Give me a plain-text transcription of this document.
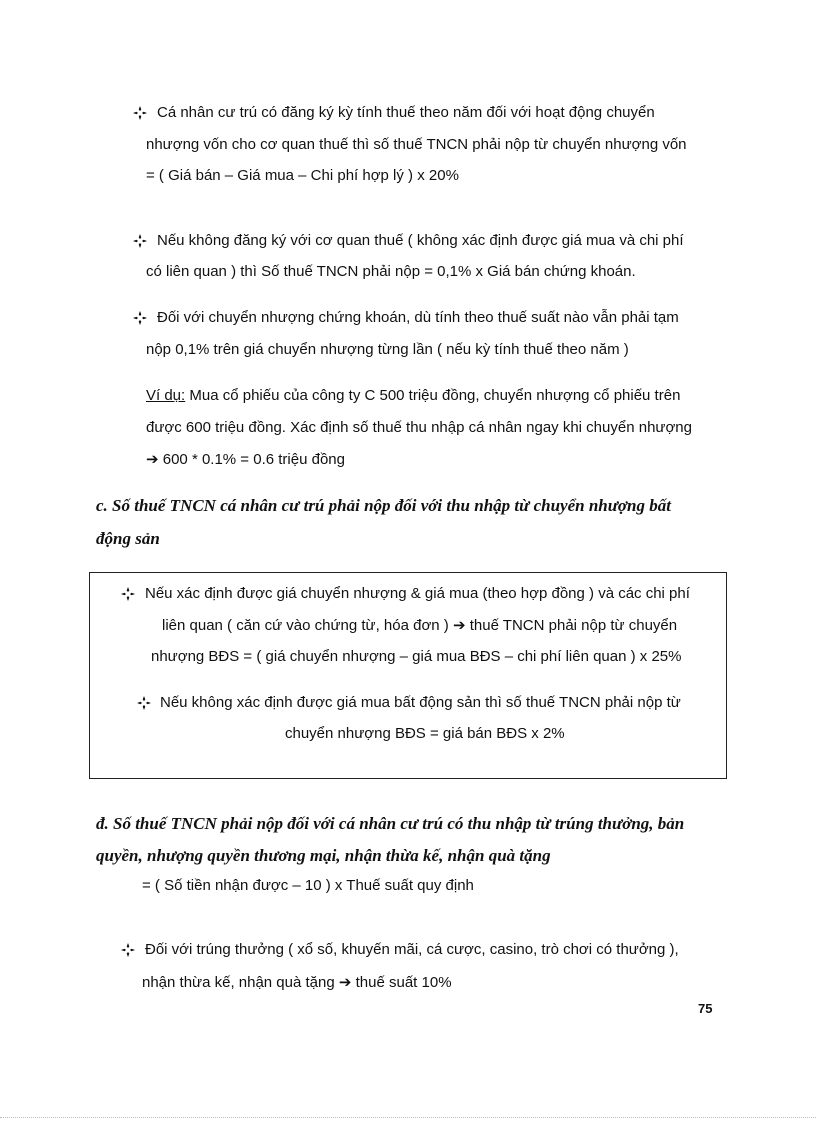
Cá nhân cư trú có đăng ký kỳ tính thuế theo năm đối với hoạt động chuyển
nhượng vốn cho cơ quan thuế thì số thuế TNCN phải nộp từ chuyển nhượng vốn
= ( Giá bán – Giá mua – Chi phí hợp lý ) x 20%
Nếu không đăng ký với cơ quan thuế ( không xác định được giá mua và chi phí
có liên quan ) thì Số thuế TNCN phải nộp = 0,1% x Giá bán chứng khoán.
Đối với chuyển nhượng chứng khoán, dù tính theo thuế suất nào vẫn phải tạm
nộp 0,1% trên giá chuyển nhượng từng lần ( nếu kỳ tính thuế theo năm )
Ví dụ: Mua cổ phiếu của công ty C 500 triệu đồng, chuyển nhượng cổ phiếu trên
được 600 triệu đồng. Xác định số thuế thu nhập cá nhân ngay khi chuyển nhượng
➔ 600 * 0.1% = 0.6 triệu đồng
c. Số thuế TNCN cá nhân cư trú phải nộp đối với thu nhập từ chuyển nhượng bất
động sản
Nếu xác định được giá chuyển nhượng & giá mua (theo hợp đồng ) và các chi phí
liên quan ( căn cứ vào chứng từ, hóa đơn ) ➔ thuế TNCN phải nộp từ chuyển
nhượng BĐS = ( giá chuyển nhượng – giá mua BĐS – chi phí liên quan ) x 25%
Nếu không xác định được giá mua bất động sản thì số thuế TNCN phải nộp từ
chuyển nhượng BĐS = giá bán BĐS x 2%
đ. Số thuế TNCN phải nộp đối với cá nhân cư trú có thu nhập từ trúng thưởng, bản
quyền, nhượng quyền thương mại, nhận thừa kế, nhận quà tặng
= ( Số tiền nhận được – 10 ) x Thuế suất quy định
Đối với trúng thưởng ( xổ số, khuyến mãi, cá cược, casino, trò chơi có thưởng ),
nhận thừa kế, nhận quà tặng ➔ thuế suất 10%
75
